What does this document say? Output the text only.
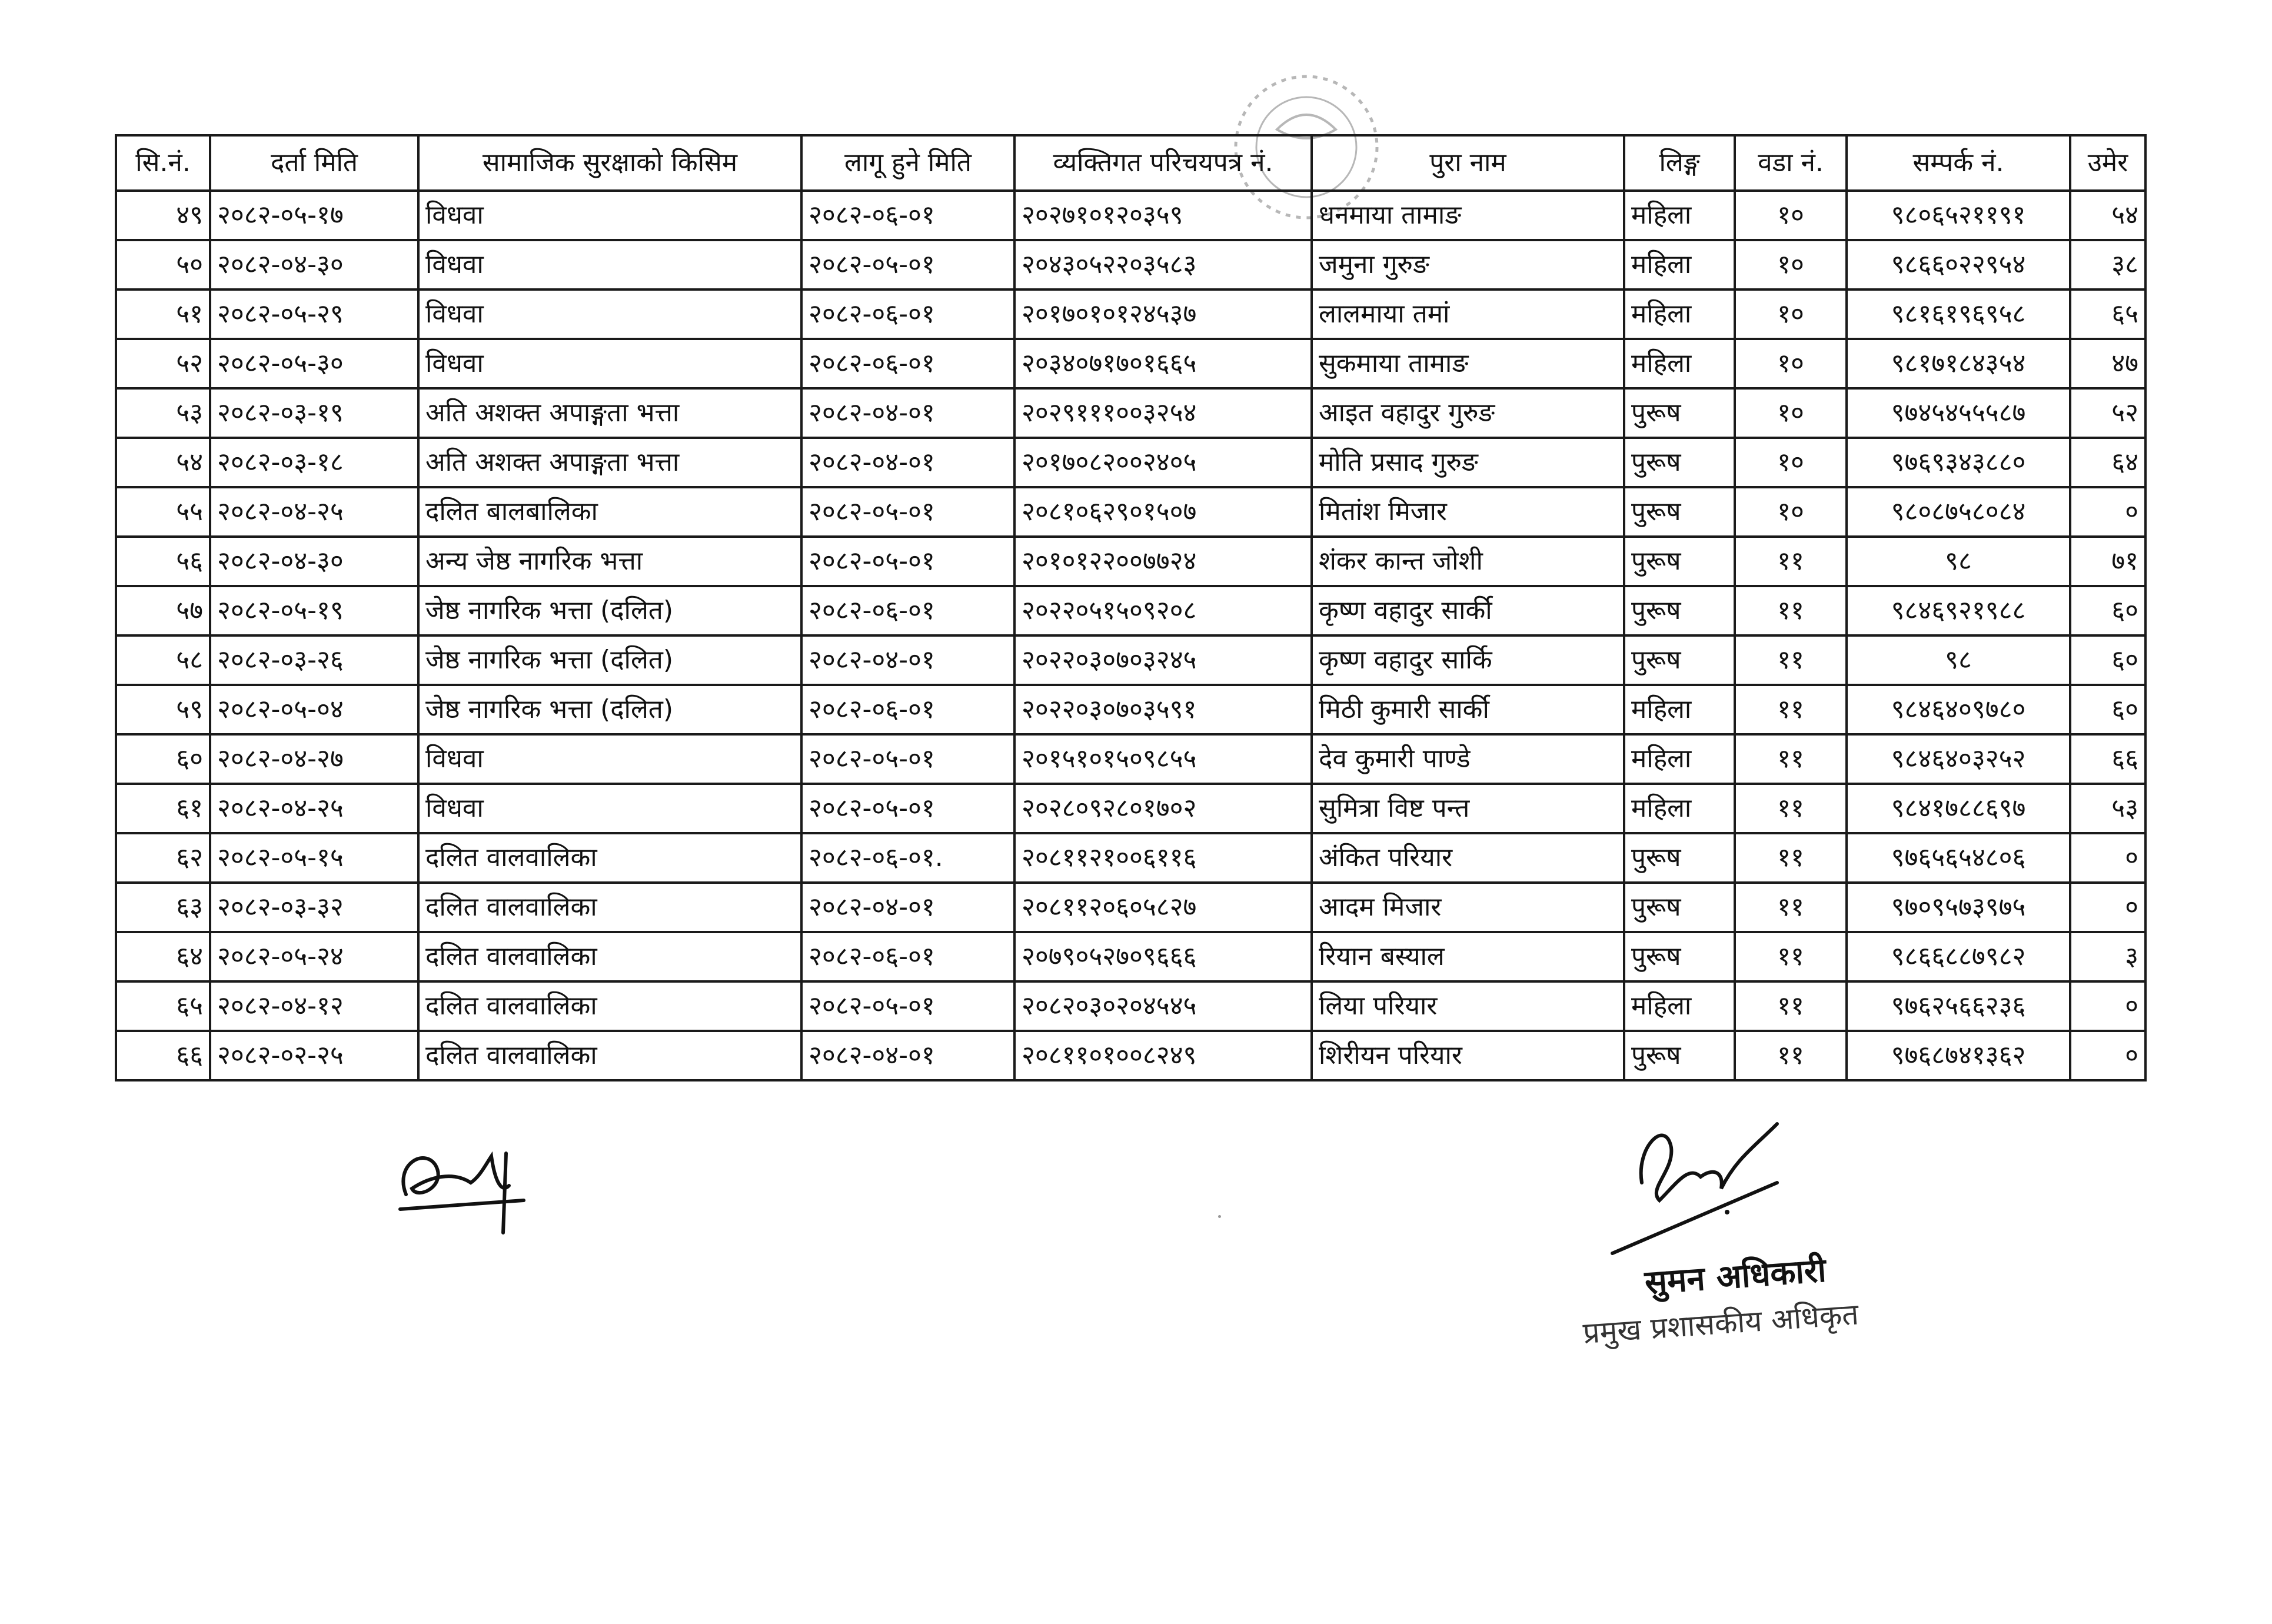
सि.नं.	दर्ता मिति	सामाजिक सुरक्षाको किसिम	लागू हुने मिति	व्यक्तिगत परिचयपत्र नं.	पुरा नाम	लिङ्ग	वडा नं.	सम्पर्क नं.	उमेर
४९	२०८२-०५-१७	विधवा	२०८२-०६-०१	२०२७१०१२०३५९	धनमाया तामाङ	महिला	१०	९८०६५२११९१	५४
५०	२०८२-०४-३०	विधवा	२०८२-०५-०१	२०४३०५२२०३५८३	जमुना गुरुङ	महिला	१०	९८६६०२२९५४	३८
५१	२०८२-०५-२९	विधवा	२०८२-०६-०१	२०१७०१०१२४५३७	लालमाया तमां	महिला	१०	९८१६१९६९५८	६५
५२	२०८२-०५-३०	विधवा	२०८२-०६-०१	२०३४०७१७०१६६५	सुकमाया तामाङ	महिला	१०	९८१७१८४३५४	४७
५३	२०८२-०३-१९	अति अशक्त अपाङ्गता भत्ता	२०८२-०४-०१	२०२९१११००३२५४	आइत वहादुर गुरुङ	पुरूष	१०	९७४५४५५५८७	५२
५४	२०८२-०३-१८	अति अशक्त अपाङ्गता भत्ता	२०८२-०४-०१	२०१७०८२००२४०५	मोति प्रसाद गुरुङ	पुरूष	१०	९७६९३४३८८०	६४
५५	२०८२-०४-२५	दलित बालबालिका	२०८२-०५-०१	२०८१०६२९०१५०७	मितांश मिजार	पुरूष	१०	९८०८७५८०८४	०
५६	२०८२-०४-३०	अन्य जेष्ठ नागरिक भत्ता	२०८२-०५-०१	२०१०१२२००७७२४	शंकर कान्त जोशी	पुरूष	११	९८	७१
५७	२०८२-०५-१९	जेष्ठ नागरिक भत्ता (दलित)	२०८२-०६-०१	२०२२०५१५०९२०८	कृष्ण वहादुर सार्की	पुरूष	११	९८४६९२१९८८	६०
५८	२०८२-०३-२६	जेष्ठ नागरिक भत्ता (दलित)	२०८२-०४-०१	२०२२०३०७०३२४५	कृष्ण वहादुर सार्कि	पुरूष	११	९८	६०
५९	२०८२-०५-०४	जेष्ठ नागरिक भत्ता (दलित)	२०८२-०६-०१	२०२२०३०७०३५९१	मिठी कुमारी सार्की	महिला	११	९८४६४०९७८०	६०
६०	२०८२-०४-२७	विधवा	२०८२-०५-०१	२०१५१०१५०९८५५	देव कुमारी पाण्डे	महिला	११	९८४६४०३२५२	६६
६१	२०८२-०४-२५	विधवा	२०८२-०५-०१	२०२८०९२८०१७०२	सुमित्रा विष्ट पन्त	महिला	११	९८४१७८८६९७	५३
६२	२०८२-०५-१५	दलित वालवालिका	२०८२-०६-०१.	२०८११२१००६११६	अंकित परियार	पुरूष	११	९७६५६५४८०६	०
६३	२०८२-०३-३२	दलित वालवालिका	२०८२-०४-०१	२०८११२०६०५८२७	आदम मिजार	पुरूष	११	९७०९५७३९७५	०
६४	२०८२-०५-२४	दलित वालवालिका	२०८२-०६-०१	२०७९०५२७०९६६६	रियान बस्याल	पुरूष	११	९८६६८८७९८२	३
६५	२०८२-०४-१२	दलित वालवालिका	२०८२-०५-०१	२०८२०३०२०४५४५	लिया परियार	महिला	११	९७६२५६६२३६	०
६६	२०८२-०२-२५	दलित वालवालिका	२०८२-०४-०१	२०८११०१००८२४९	शिरीयन परियार	पुरूष	११	९७६८७४१३६२	०
सुमन अधिकारी
प्रमुख प्रशासकीय अधिकृत
